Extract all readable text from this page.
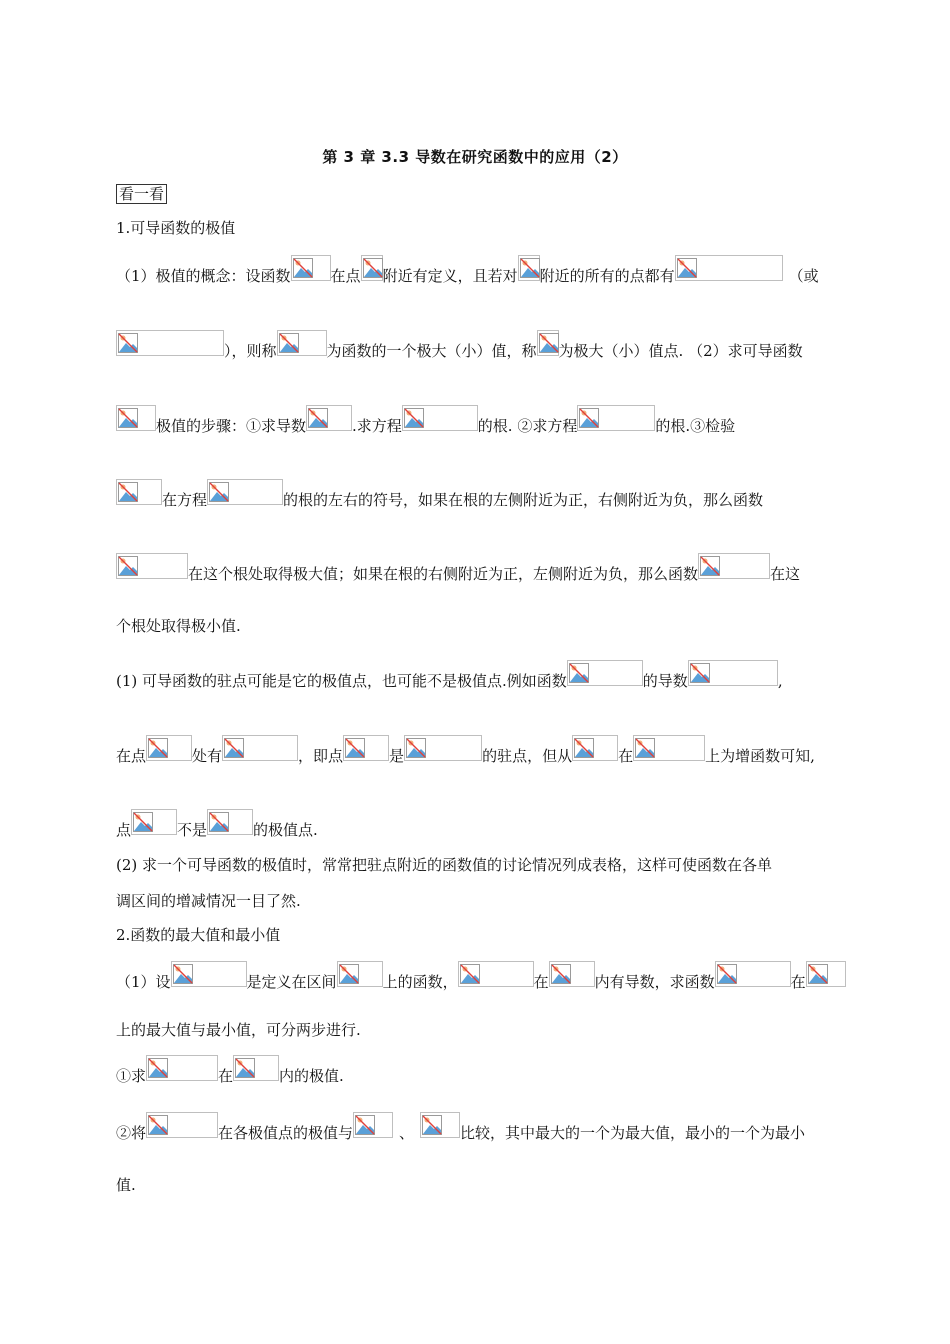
第 3 章 3.3 导数在研究函数中的应用（2）
看一看
1.可导函数的极值
（1）极值的概念：设函数	在点 附近有定义，且若对 附近的所有的点都有	（或
），则称	为函数的一个极大（小）值，称 为极大（小）值点. （2）求可导函数
极值的步骤：①求导数	.求方程	的根. ②求方程	的根.③检验
在方程	的根的左右的符号，如果在根的左侧附近为正，右侧附近为负，那么函数
在这个根处取得极大值；如果在根的右侧附近为正，左侧附近为负，那么函数	在这
个根处取得极小值.
(1) 可导函数的驻点可能是它的极值点，也可能不是极值点.例如函数	的导数	,
在点	处有	，即点	是	的驻点，但从	在	上为增函数可知,
点	不是	的极值点.
(2) 求一个可导函数的极值时，常常把驻点附近的函数值的讨论情况列成表格，这样可使函数在各单
调区间的增减情况一目了然.
2.函数的最大值和最小值
（1）设	是定义在区间	上的函数，	在	内有导数，求函数	在
上的最大值与最小值，可分两步进行.
①求	在	内的极值.
②将	在各极值点的极值与	、	比较，其中最大的一个为最大值，最小的一个为最小
值.
